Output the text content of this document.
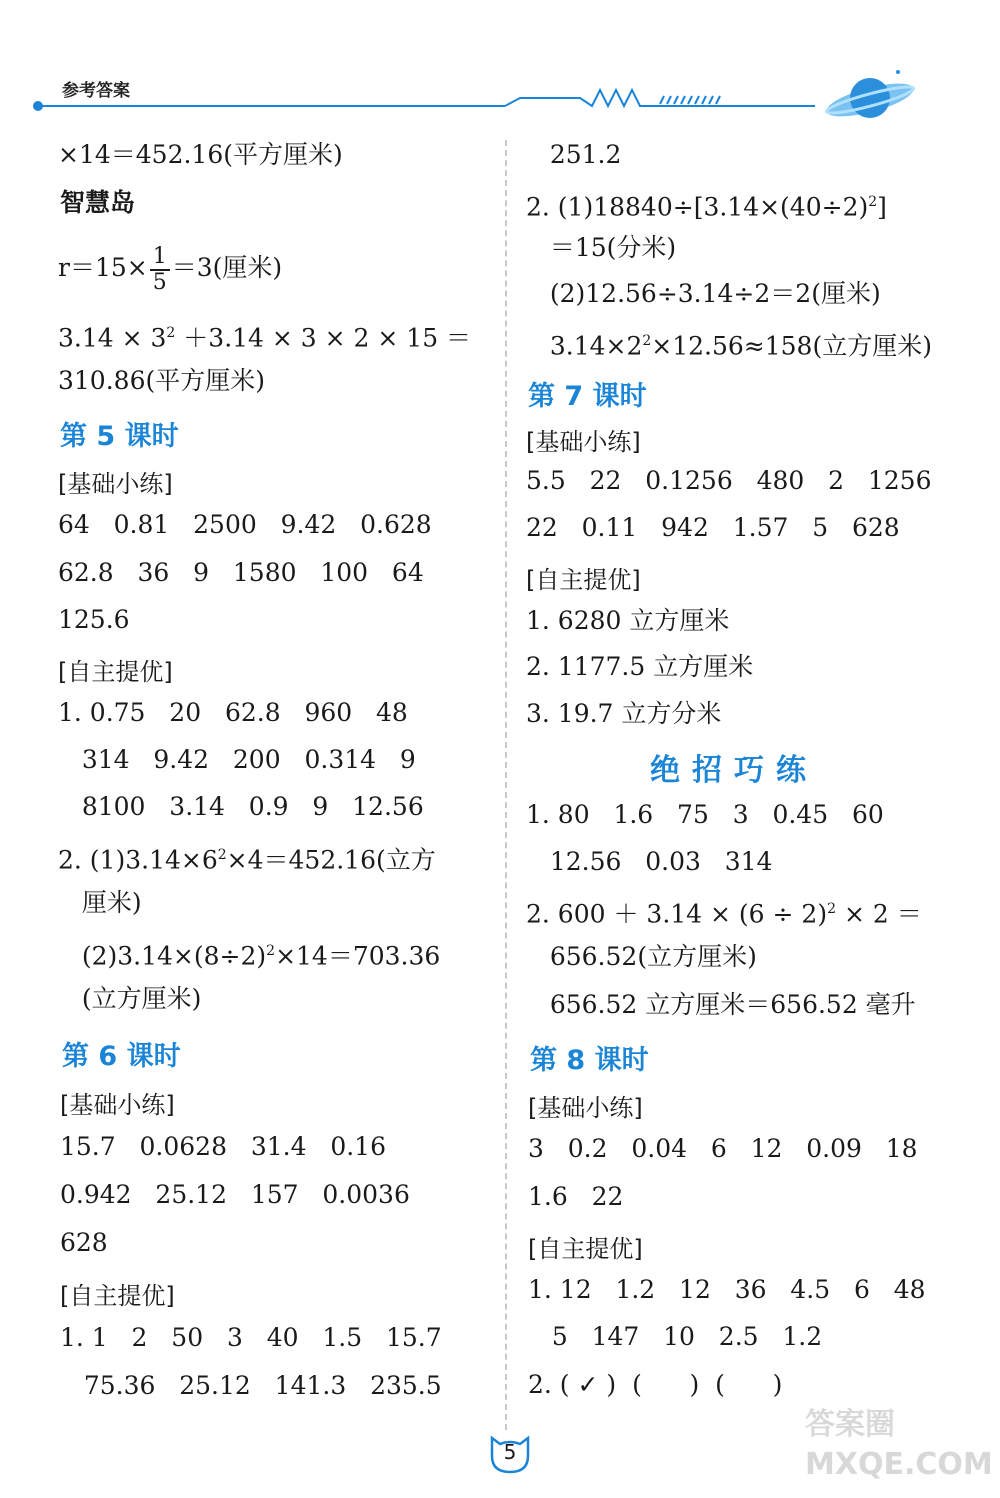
参考答案
×14＝452.16(平方厘米)
智慧岛
$r=15\times \frac{1}{5} =3$(厘米)
$3.14 \times 3^2 +3.14 \times 3 \times 2 \times 15$ ＝
310.86(平方厘米)
第 5 课时
[基础小练]
64   0.81   2500   9.42   0.628
62.8   36   9   1580   100   64
125.6
[自主提优]
1. 0.75   20   62.8   960   48
314   9.42   200   0.314   9
8100   3.14   0.9   9   12.56
2. $(1)3.14\times 6^2\times 4=452.16$(立方
厘米)
$(2)3.14\times(8\div 2)^2\times 14=703.36$
(立方厘米)
第 6 课时
[基础小练]
15.7   0.0628   31.4   0.16
0.942   25.12   157   0.0036
628
[自主提优]
1. 1   2   50   3   40   1.5   15.7
75.36   25.12   141.3   235.5
251.2
2. $(1)18840\div[3.14\times(40\div 2)^2]$
＝15(分米)
(2)12.56÷3.14÷2＝2(厘米)
$3.14\times 2^2\times 12.56\approx 158$(立方厘米)
第 7 课时
[基础小练]
5.5   22   0.1256   480   2   1256
22   0.11   942   1.57   5   628
[自主提优]
1. 6280 立方厘米
2. 1177.5 立方厘米
3. 19.7 立方分米
绝招巧练
1. 80   1.6   75   3   0.45   60
12.56   0.03   314
2. $600 + 3.14 \times (6 \div 2)^2 \times 2$ ＝
656.52(立方厘米)
656.52 立方厘米＝656.52 毫升
第 8 课时
[基础小练]
3   0.2   0.04   6   12   0.09   18
1.6   22
[自主提优]
1. 12   1.2   12   36   4.5   6   48
5   147   10   2.5   1.2
2. ( ✓ )  (      )  (      )
5
答案圈 MXQE.COM
